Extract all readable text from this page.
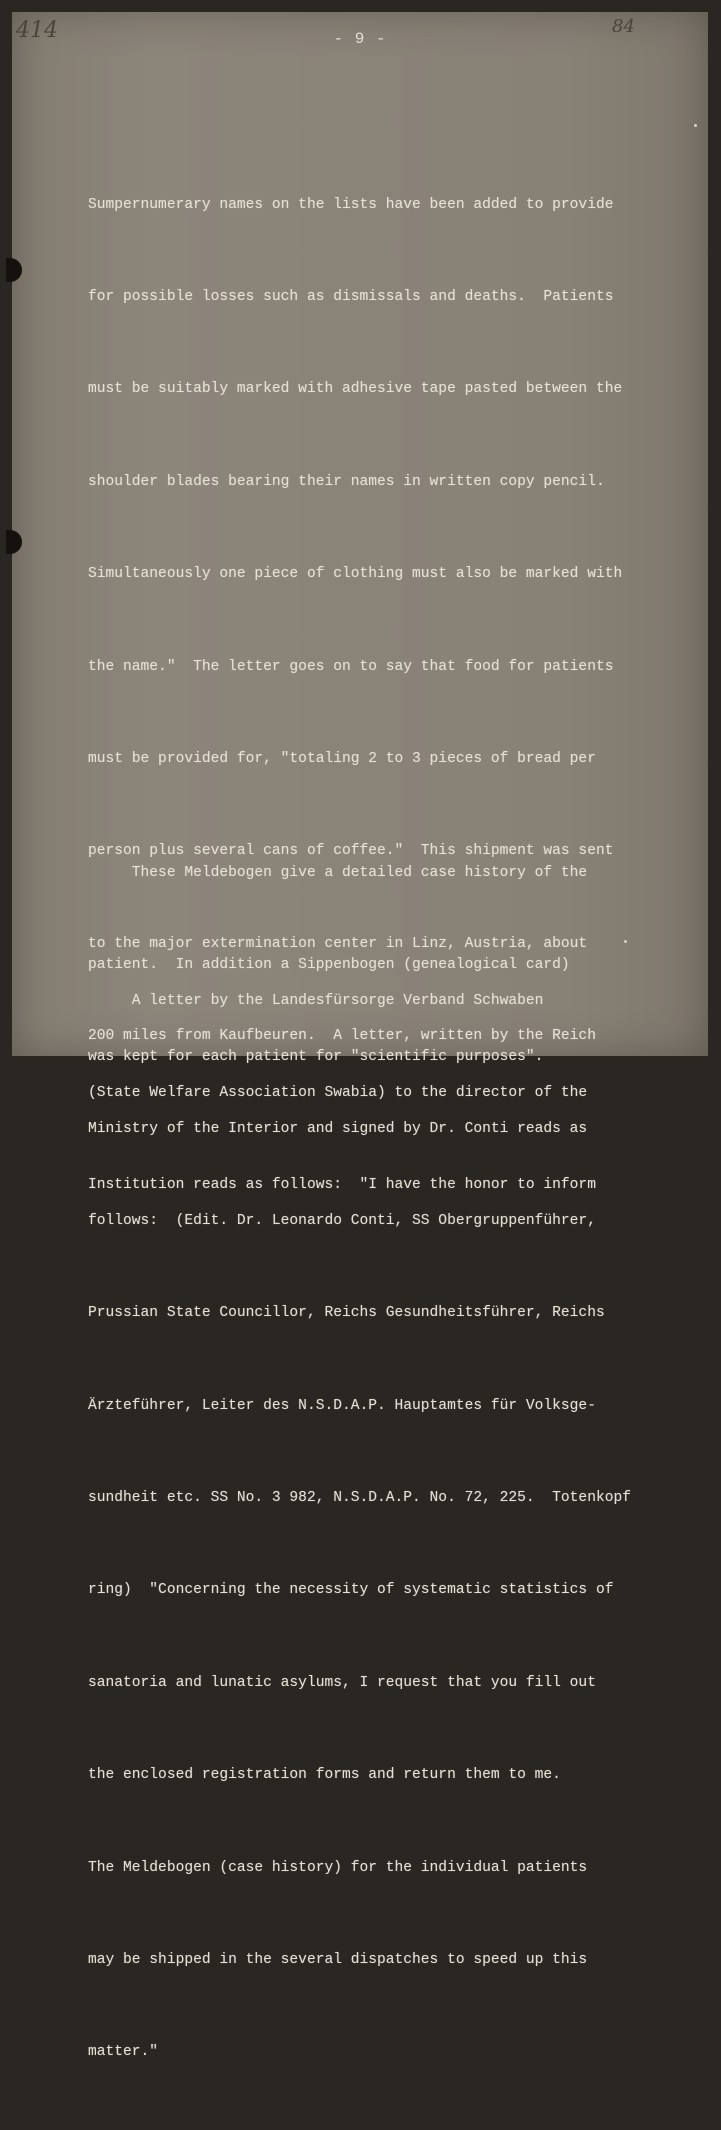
414	84
- 9 -

Sumpernumerary names on the lists have been added to provide

for possible losses such as dismissals and deaths.  Patients

must be suitably marked with adhesive tape pasted between the

shoulder blades bearing their names in written copy pencil.

Simultaneously one piece of clothing must also be marked with

the name."  The letter goes on to say that food for patients

must be provided for, "totaling 2 to 3 pieces of bread per

person plus several cans of coffee."  This shipment was sent

to the major extermination center in Linz, Austria, about

200 miles from Kaufbeuren.  A letter, written by the Reich

Ministry of the Interior and signed by Dr. Conti reads as

follows:  (Edit. Dr. Leonardo Conti, SS Obergruppenführer,

Prussian State Councillor, Reichs Gesundheitsführer, Reichs

Ärzteführer, Leiter des N.S.D.A.P. Hauptamtes für Volksge-

sundheit etc. SS No. 3 982, N.S.D.A.P. No. 72, 225.  Totenkopf

ring)  "Concerning the necessity of systematic statistics of

sanatoria and lunatic asylums, I request that you fill out

the enclosed registration forms and return them to me.

The Meldebogen (case history) for the individual patients

may be shipped in the several dispatches to speed up this

matter."

These Meldebogen give a detailed case history of the

patient.  In addition a Sippenbogen (genealogical card)

was kept for each patient for "scientific purposes".

A letter by the Landesfürsorge Verband Schwaben

(State Welfare Association Swabia) to the director of the

Institution reads as follows:  "I have the honor to inform
